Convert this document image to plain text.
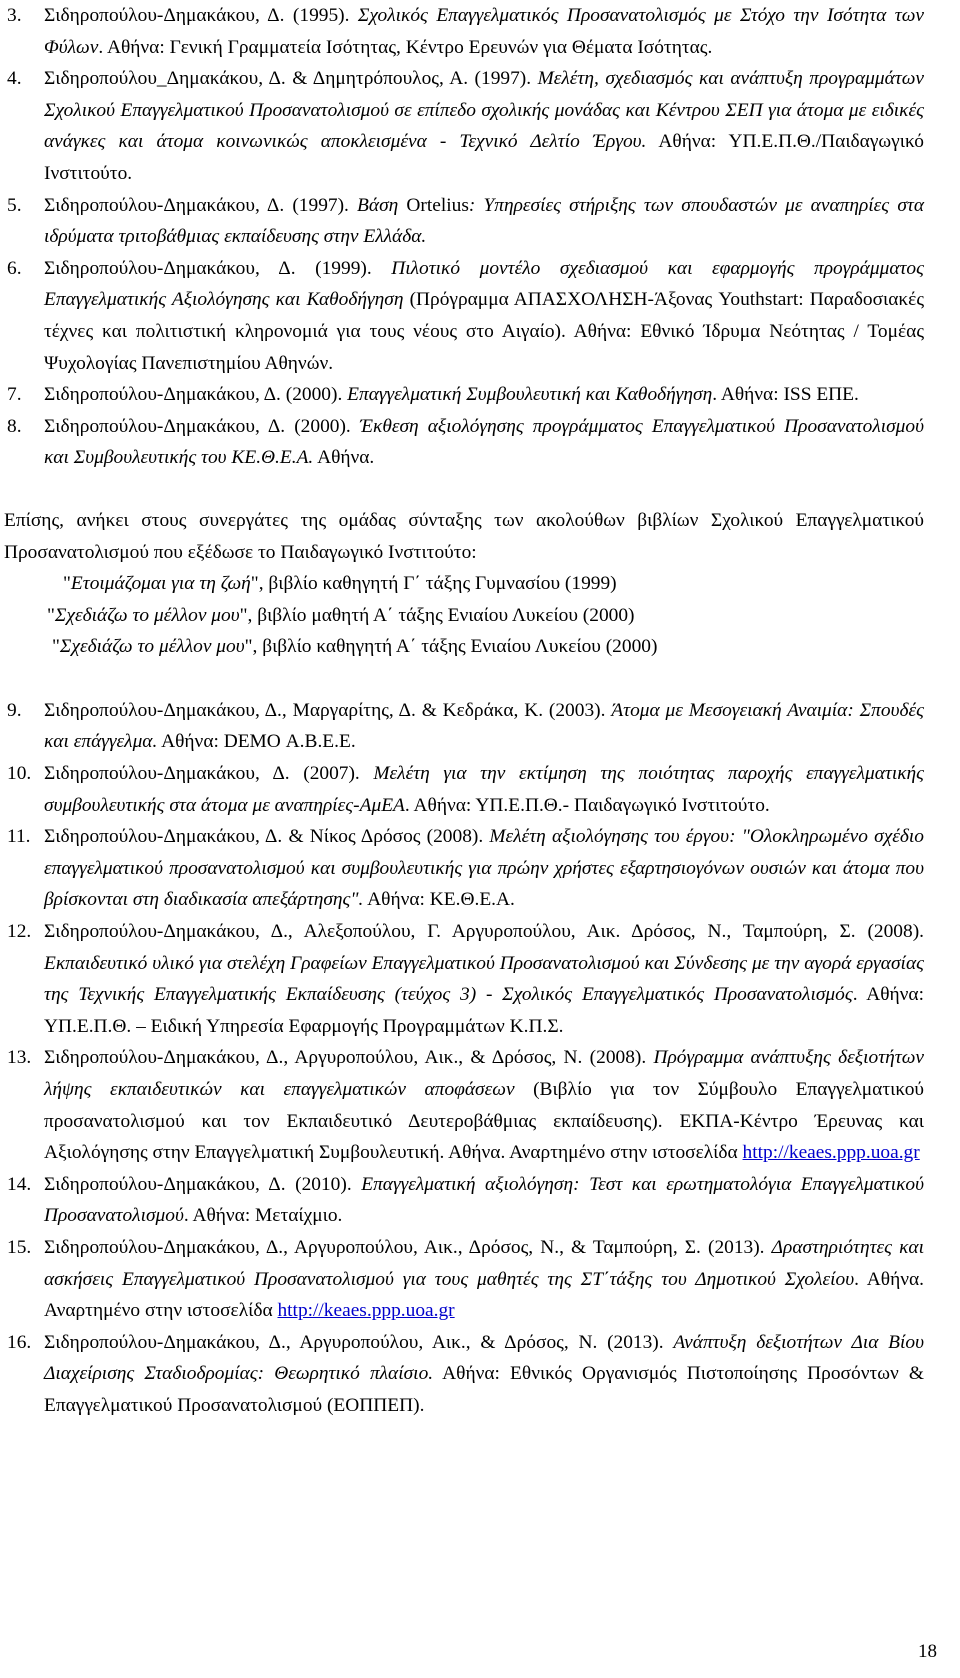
3. Σιδηροπούλου-Δημακάκου, Δ. (1995). Σχολικός Επαγγελματικός Προσανατολισμός με Στόχο την Ισότητα των Φύλων. Αθήνα: Γενική Γραμματεία Ισότητας, Κέντρο Ερευνών για Θέματα Ισότητας.
4. Σιδηροπούλου_Δημακάκου, Δ. & Δημητρόπουλος, Α. (1997). Μελέτη, σχεδιασμός και ανάπτυξη προγραμμάτων Σχολικού Επαγγελματικού Προσανατολισμού σε επίπεδο σχολικής μονάδας και Κέντρου ΣΕΠ για άτομα με ειδικές ανάγκες και άτομα κοινωνικώς αποκλεισμένα - Τεχνικό Δελτίο Έργου. Αθήνα: ΥΠ.Ε.Π.Θ./Παιδαγωγικό Ινστιτούτο.
5. Σιδηροπούλου-Δημακάκου, Δ. (1997). Βάση Ortelius: Υπηρεσίες στήριξης των σπουδαστών με αναπηρίες στα ιδρύματα τριτοβάθμιας εκπαίδευσης στην Ελλάδα.
6. Σιδηροπούλου-Δημακάκου, Δ. (1999). Πιλοτικό μοντέλο σχεδιασμού και εφαρμογής προγράμματος Επαγγελματικής Αξιολόγησης και Καθοδήγηση (Πρόγραμμα ΑΠΑΣΧΟΛΗΣΗ-Άξονας Youthstart: Παραδοσιακές τέχνες και πολιτιστική κληρονομιά για τους νέους στο Αιγαίο). Αθήνα: Εθνικό Ίδρυμα Νεότητας / Τομέας Ψυχολογίας Πανεπιστημίου Αθηνών.
7. Σιδηροπούλου-Δημακάκου, Δ. (2000). Επαγγελματική Συμβουλευτική και Καθοδήγηση. Αθήνα: ISS ΕΠΕ.
8. Σιδηροπούλου-Δημακάκου, Δ. (2000). Έκθεση αξιολόγησης προγράμματος Επαγγελματικού Προσανατολισμού και Συμβουλευτικής του ΚΕ.Θ.Ε.Α. Αθήνα.

Επίσης, ανήκει στους συνεργάτες της ομάδας σύνταξης των ακολούθων βιβλίων Σχολικού Επαγγελματικού Προσανατολισμού που εξέδωσε το Παιδαγωγικό Ινστιτούτο:

"Ετοιμάζομαι για τη ζωή", βιβλίο καθηγητή Γ΄ τάξης Γυμνασίου (1999)
"Σχεδιάζω το μέλλον μου", βιβλίο μαθητή Α΄ τάξης Ενιαίου Λυκείου (2000)
"Σχεδιάζω το μέλλον μου", βιβλίο καθηγητή Α΄ τάξης Ενιαίου Λυκείου (2000)
9. Σιδηροπούλου-Δημακάκου, Δ., Μαργαρίτης, Δ. & Κεδράκα, Κ. (2003). Άτομα με Μεσογειακή Αναιμία: Σπουδές και επάγγελμα. Αθήνα: DEMO Α.Β.Ε.Ε.
10. Σιδηροπούλου-Δημακάκου, Δ. (2007). Μελέτη για την εκτίμηση της ποιότητας παροχής επαγγελματικής συμβουλευτικής στα άτομα με αναπηρίες-ΑμΕΑ. Αθήνα: ΥΠ.Ε.Π.Θ.- Παιδαγωγικό Ινστιτούτο.
11. Σιδηροπούλου-Δημακάκου, Δ. & Νίκος Δρόσος (2008). Μελέτη αξιολόγησης του έργου: "Ολοκληρωμένο σχέδιο επαγγελματικού προσανατολισμού και συμβουλευτικής για πρώην χρήστες εξαρτησιογόνων ουσιών και άτομα που βρίσκονται στη διαδικασία απεξάρτησης". Αθήνα: ΚΕ.Θ.Ε.Α.
12. Σιδηροπούλου-Δημακάκου, Δ., Αλεξοπούλου, Γ. Αργυροπούλου, Αικ. Δρόσος, Ν., Ταμπούρη, Σ. (2008). Εκπαιδευτικό υλικό για στελέχη Γραφείων Επαγγελματικού Προσανατολισμού και Σύνδεσης με την αγορά εργασίας της Τεχνικής Επαγγελματικής Εκπαίδευσης (τεύχος 3) - Σχολικός Επαγγελματικός Προσανατολισμός. Αθήνα: ΥΠ.Ε.Π.Θ. – Ειδική Υπηρεσία Εφαρμογής Προγραμμάτων Κ.Π.Σ.
13. Σιδηροπούλου-Δημακάκου, Δ., Αργυροπούλου, Αικ., & Δρόσος, Ν. (2008). Πρόγραμμα ανάπτυξης δεξιοτήτων λήψης εκπαιδευτικών και επαγγελματικών αποφάσεων (Βιβλίο για τον Σύμβουλο Επαγγελματικού προσανατολισμού και τον Εκπαιδευτικό Δευτεροβάθμιας εκπαίδευσης). ΕΚΠΑ-Κέντρο Έρευνας και Αξιολόγησης στην Επαγγελματική Συμβουλευτική. Αθήνα. Αναρτημένο στην ιστοσελίδα http://keaes.ppp.uoa.gr
14. Σιδηροπούλου-Δημακάκου, Δ. (2010). Επαγγελματική αξιολόγηση: Τεστ και ερωτηματολόγια Επαγγελματικού Προσανατολισμού. Αθήνα: Μεταίχμιο.
15. Σιδηροπούλου-Δημακάκου, Δ., Αργυροπούλου, Αικ., Δρόσος, Ν., & Ταμπούρη, Σ. (2013). Δραστηριότητες και ασκήσεις Επαγγελματικού Προσανατολισμού για τους μαθητές της ΣΤ΄τάξης του Δημοτικού Σχολείου. Αθήνα. Αναρτημένο στην ιστοσελίδα http://keaes.ppp.uoa.gr
16. Σιδηροπούλου-Δημακάκου, Δ., Αργυροπούλου, Αικ., & Δρόσος, Ν. (2013). Ανάπτυξη δεξιοτήτων Δια Βίου Διαχείρισης Σταδιοδρομίας: Θεωρητικό πλαίσιο. Αθήνα: Εθνικός Οργανισμός Πιστοποίησης Προσόντων & Επαγγελματικού Προσανατολισμού (ΕΟΠΠΕΠ).
18
